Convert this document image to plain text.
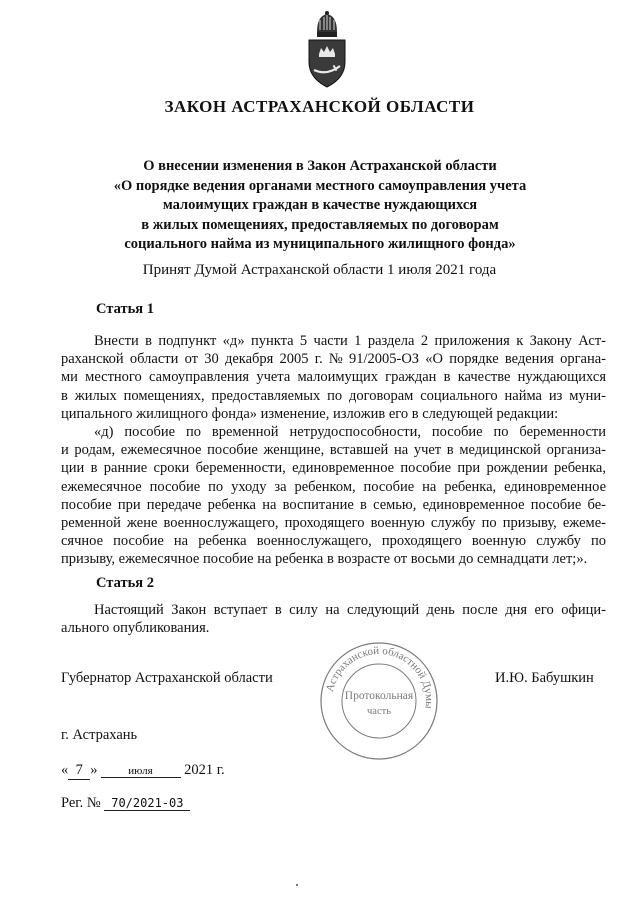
ЗАКОН АСТРАХАНСКОЙ ОБЛАСТИ
О внесении изменения в Закон Астраханской области
«О порядке ведения органами местного самоуправления учета
малоимущих граждан в качестве нуждающихся
в жилых помещениях, предоставляемых по договорам
социального найма из муниципального жилищного фонда»
Принят Думой Астраханской области 1 июля 2021 года
Статья 1
Внести в подпункт «д» пункта 5 части 1 раздела 2 приложения к Закону Аст-
раханской области от 30 декабря 2005 г. № 91/2005-ОЗ «О порядке ведения органа-
ми местного самоуправления учета малоимущих граждан в качестве нуждающихся
в жилых помещениях, предоставляемых по договорам социального найма из муни-
ципального жилищного фонда» изменение, изложив его в следующей редакции:
«д) пособие по временной нетрудоспособности, пособие по беременности
и родам, ежемесячное пособие женщине, вставшей на учет в медицинской организа-
ции в ранние сроки беременности, единовременное пособие при рождении ребенка,
ежемесячное пособие по уходу за ребенком, пособие на ребенка, единовременное
пособие при передаче ребенка на воспитание в семью, единовременное пособие бе-
ременной жене военнослужащего, проходящего военную службу по призыву, ежеме-
сячное пособие на ребенка военнослужащего, проходящего военную службу по
призыву, ежемесячное пособие на ребенка в возрасте от восьми до семнадцати лет;».
Статья 2
Настоящий Закон вступает в силу на следующий день после дня его офици-
ального опубликования.
Губернатор Астраханской области	И.Ю. Бабушкин
Астраханской областной Думы
Протокольная
часть
г. Астрахань
« 7 »	июля 2021 г.
Рег. № 70/2021-03
